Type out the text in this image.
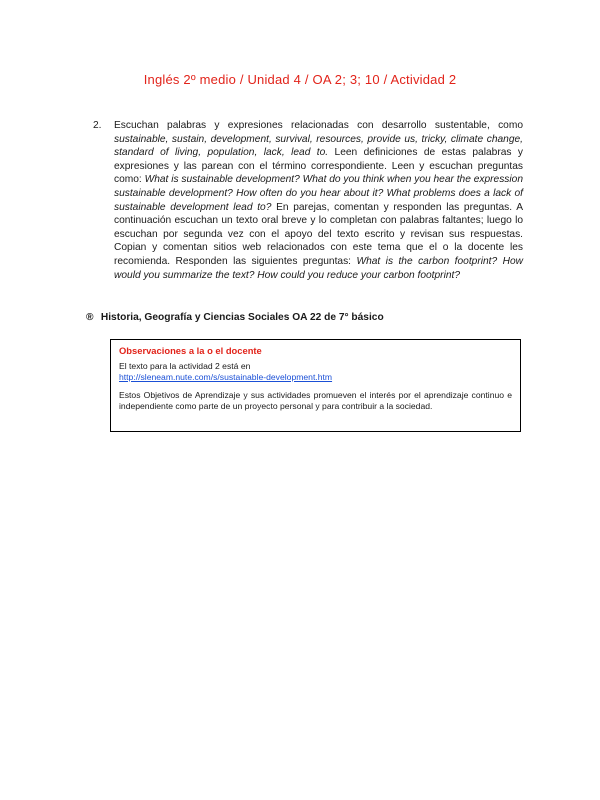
Inglés 2º medio / Unidad 4 / OA 2; 3; 10 / Actividad 2
2. Escuchan palabras y expresiones relacionadas con desarrollo sustentable, como sustainable, sustain, development, survival, resources, provide us, tricky, climate change, standard of living, population, lack, lead to. Leen definiciones de estas palabras y expresiones y las parean con el término correspondiente. Leen y escuchan preguntas como: What is sustainable development? What do you think when you hear the expression sustainable development? How often do you hear about it? What problems does a lack of sustainable development lead to? En parejas, comentan y responden las preguntas. A continuación escuchan un texto oral breve y lo completan con palabras faltantes; luego lo escuchan por segunda vez con el apoyo del texto escrito y revisan sus respuestas. Copian y comentan sitios web relacionados con este tema que el o la docente les recomienda. Responden las siguientes preguntas: What is the carbon footprint? How would you summarize the text? How could you reduce your carbon footprint?
® Historia, Geografía y Ciencias Sociales OA 22 de 7° básico
Observaciones a la o el docente
El texto para la actividad 2 está en
http://sleneam.nute.com/s/sustainable-development.htm
Estos Objetivos de Aprendizaje y sus actividades promueven el interés por el aprendizaje continuo e independiente como parte de un proyecto personal y para contribuir a la sociedad.
